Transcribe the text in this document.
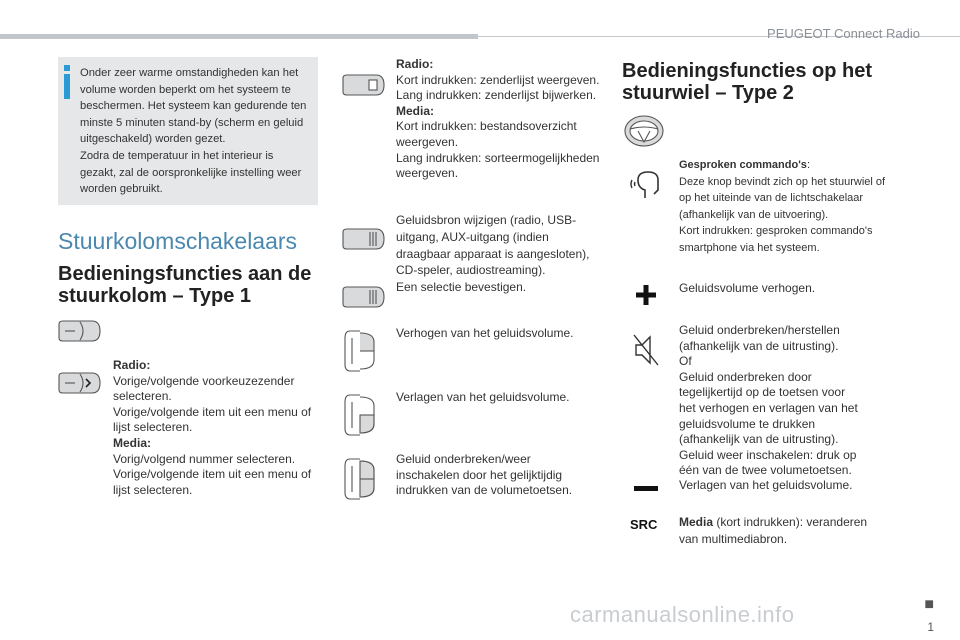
PEUGEOT Connect Radio

Onder zeer warme omstandigheden kan het volume worden beperkt om het systeem te beschermen. Het systeem kan gedurende ten minste 5 minuten stand-by (scherm en geluid uitgeschakeld) worden gezet.
Zodra de temperatuur in het interieur is gezakt, zal de oorspronkelijke instelling weer worden gebruikt.

Stuurkolomschakelaars

Bedieningsfuncties aan de

stuurkolom – Type 1

Radio:

Vorige/volgende voorkeuzezender selecteren.

Vorige/volgende item uit een menu of lijst selecteren.

Media:

Vorig/volgend nummer selecteren.

Vorige/volgende item uit een menu of lijst selecteren.

Radio:

Kort indrukken: zenderlijst weergeven.

Lang indrukken: zenderlijst bijwerken.

Media:

Kort indrukken: bestandsoverzicht weergeven.

Lang indrukken: sorteermogelijkheden weergeven.

Geluidsbron wijzigen (radio, USB-uitgang, AUX-uitgang (indien draagbaar apparaat is aangesloten), CD-speler, audiostreaming).
Een selectie bevestigen.

Verhogen van het geluidsvolume.

Verlagen van het geluidsvolume.

Geluid onderbreken/weer inschakelen door het gelijktijdig indrukken van de volumetoetsen.

Bedieningsfuncties op het

stuurwiel – Type 2

Gesproken commando's:

Deze knop bevindt zich op het stuurwiel of op het uiteinde van de lichtschakelaar (afhankelijk van de uitvoering).
Kort indrukken: gesproken commando's smartphone via het systeem.

Geluidsvolume verhogen.

Geluid onderbreken/herstellen (afhankelijk van de uitrusting).
Of
Geluid onderbreken door tegelijkertijd op de toetsen voor het verhogen en verlagen van het geluidsvolume te drukken (afhankelijk van de uitrusting).
Geluid weer inschakelen: druk op één van de twee volumetoetsen.

Verlagen van het geluidsvolume.

SRC Media (kort indrukken): veranderen van multimediabron.

■
1
carmanualsonline.info
